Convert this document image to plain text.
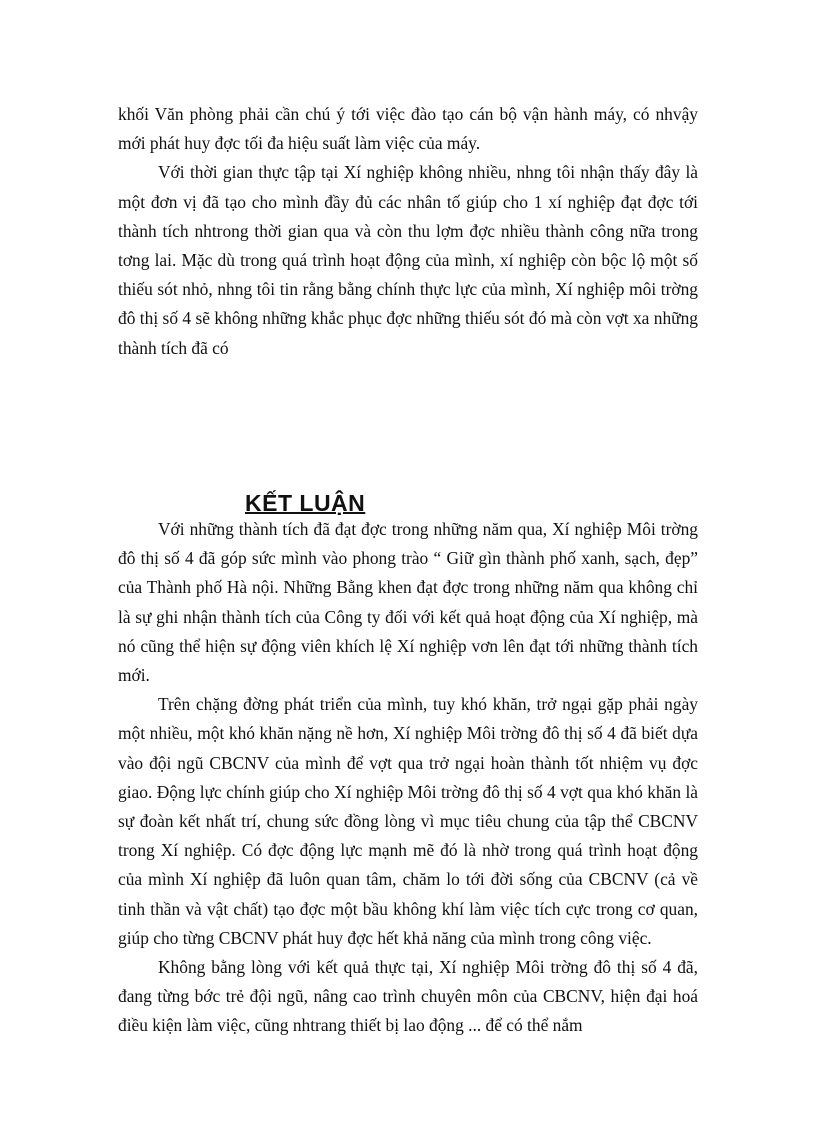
khối Văn phòng phải cần chú ý tới việc đào tạo cán bộ vận hành máy, có nhvậy mới phát huy đợc tối đa hiệu suất làm việc của máy.

Với thời gian thực tập tại Xí nghiệp không nhiều, nhng tôi nhận thấy đây là một đơn vị đã tạo cho mình đầy đủ các nhân tố giúp cho 1 xí nghiệp đạt đợc tới thành tích nhtrong thời gian qua và còn thu lợm đợc nhiều thành công nữa trong tơng lai. Mặc dù trong quá trình hoạt động của mình, xí nghiệp còn bộc lộ một số thiếu sót nhỏ, nhng tôi tin rằng bằng chính thực lực của mình, Xí nghiệp môi trờng đô thị số 4 sẽ không những khắc phục đợc những thiếu sót đó mà còn vợt xa những thành tích đã có

KẾT LUẬN

Với những thành tích đã đạt đợc trong những năm qua, Xí nghiệp Môi trờng đô thị số 4 đã góp sức mình vào phong trào “ Giữ gìn thành phố xanh, sạch, đẹp” của Thành phố Hà nội. Những Bằng khen đạt đợc trong những năm qua không chỉ là sự ghi nhận thành tích của Công ty đối với kết quả hoạt động của Xí nghiệp, mà nó cũng thể hiện sự động viên khích lệ Xí nghiệp vơn lên đạt tới những thành tích mới.

Trên chặng đờng phát triển của mình, tuy khó khăn, trở ngại gặp phải ngày một nhiều, một khó khăn nặng nề hơn, Xí nghiệp Môi trờng đô thị số 4 đã biết dựa vào đội ngũ CBCNV của mình để vợt qua trở ngại hoàn thành tốt nhiệm vụ đợc giao. Động lực chính giúp cho Xí nghiệp Môi trờng đô thị số 4 vợt qua khó khăn là sự đoàn kết nhất trí, chung sức đồng lòng vì mục tiêu chung của tập thể CBCNV trong Xí nghiệp. Có đợc động lực mạnh mẽ đó là nhờ trong quá trình hoạt động của mình Xí nghiệp đã luôn quan tâm, chăm lo tới đời sống của CBCNV (cả về tinh thần và vật chất) tạo đợc một bầu không khí làm việc tích cực trong cơ quan, giúp cho từng CBCNV phát huy đợc hết khả năng của mình trong công việc.

Không bằng lòng với kết quả thực tại, Xí nghiệp Môi trờng đô thị số 4 đã, đang từng bớc trẻ đội ngũ, nâng cao trình chuyên môn của CBCNV, hiện đại hoá điều kiện làm việc, cũng nhtrang thiết bị lao động ... để có thể nắm
